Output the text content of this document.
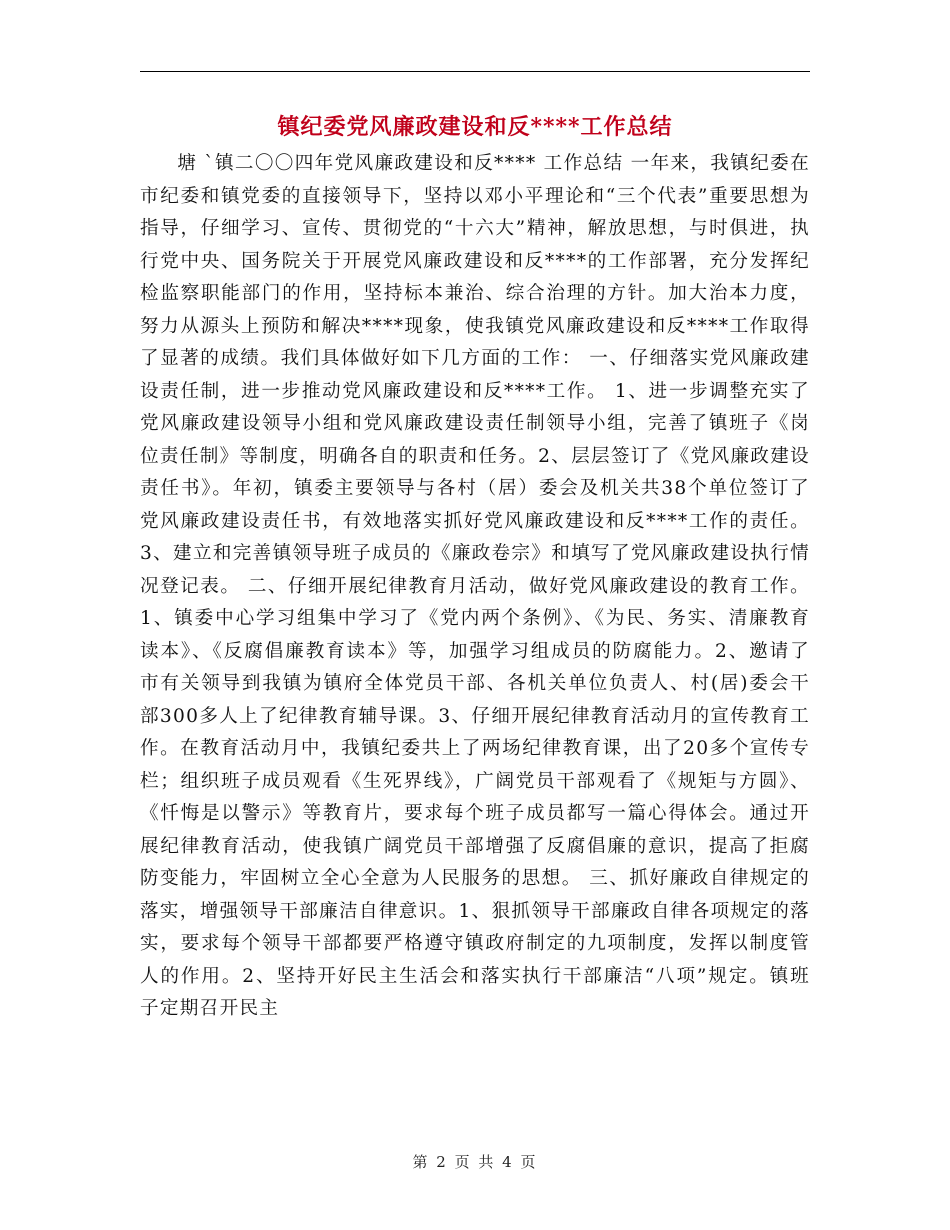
镇纪委党风廉政建设和反****工作总结

塘 `镇二〇〇四年党风廉政建设和反**** 工作总结 一年来，我镇纪委在市纪委和镇党委的直接领导下，坚持以邓小平理论和“三个代表”重要思想为指导，仔细学习、宣传、贯彻党的“十六大”精神，解放思想，与时俱进，执行党中央、国务院关于开展党风廉政建设和反****的工作部署，充分发挥纪检监察职能部门的作用，坚持标本兼治、综合治理的方针。加大治本力度，努力从源头上预防和解决****现象，使我镇党风廉政建设和反****工作取得了显著的成绩。我们具体做好如下几方面的工作： 一、仔细落实党风廉政建设责任制，进一步推动党风廉政建设和反****工作。 1、进一步调整充实了党风廉政建设领导小组和党风廉政建设责任制领导小组，完善了镇班子《岗位责任制》等制度，明确各自的职责和任务。2、层层签订了《党风廉政建设责任书》。年初，镇委主要领导与各村（居）委会及机关共38个单位签订了党风廉政建设责任书，有效地落实抓好党风廉政建设和反****工作的责任。3、建立和完善镇领导班子成员的《廉政卷宗》和填写了党风廉政建设执行情况登记表。 二、仔细开展纪律教育月活动，做好党风廉政建设的教育工作。 1、镇委中心学习组集中学习了《党内两个条例》、《为民、务实、清廉教育读本》、《反腐倡廉教育读本》等，加强学习组成员的防腐能力。2、邀请了市有关领导到我镇为镇府全体党员干部、各机关单位负责人、村(居)委会干部300多人上了纪律教育辅导课。3、仔细开展纪律教育活动月的宣传教育工作。在教育活动月中，我镇纪委共上了两场纪律教育课，出了20多个宣传专栏；组织班子成员观看《生死界线》，广阔党员干部观看了《规矩与方圆》、《忏悔是以警示》等教育片，要求每个班子成员都写一篇心得体会。通过开展纪律教育活动，使我镇广阔党员干部增强了反腐倡廉的意识，提高了拒腐防变能力，牢固树立全心全意为人民服务的思想。 三、抓好廉政自律规定的落实，增强领导干部廉洁自律意识。1、狠抓领导干部廉政自律各项规定的落实，要求每个领导干部都要严格遵守镇政府制定的九项制度，发挥以制度管人的作用。2、坚持开好民主生活会和落实执行干部廉洁“八项”规定。镇班子定期召开民主

第 2 页 共 4 页
